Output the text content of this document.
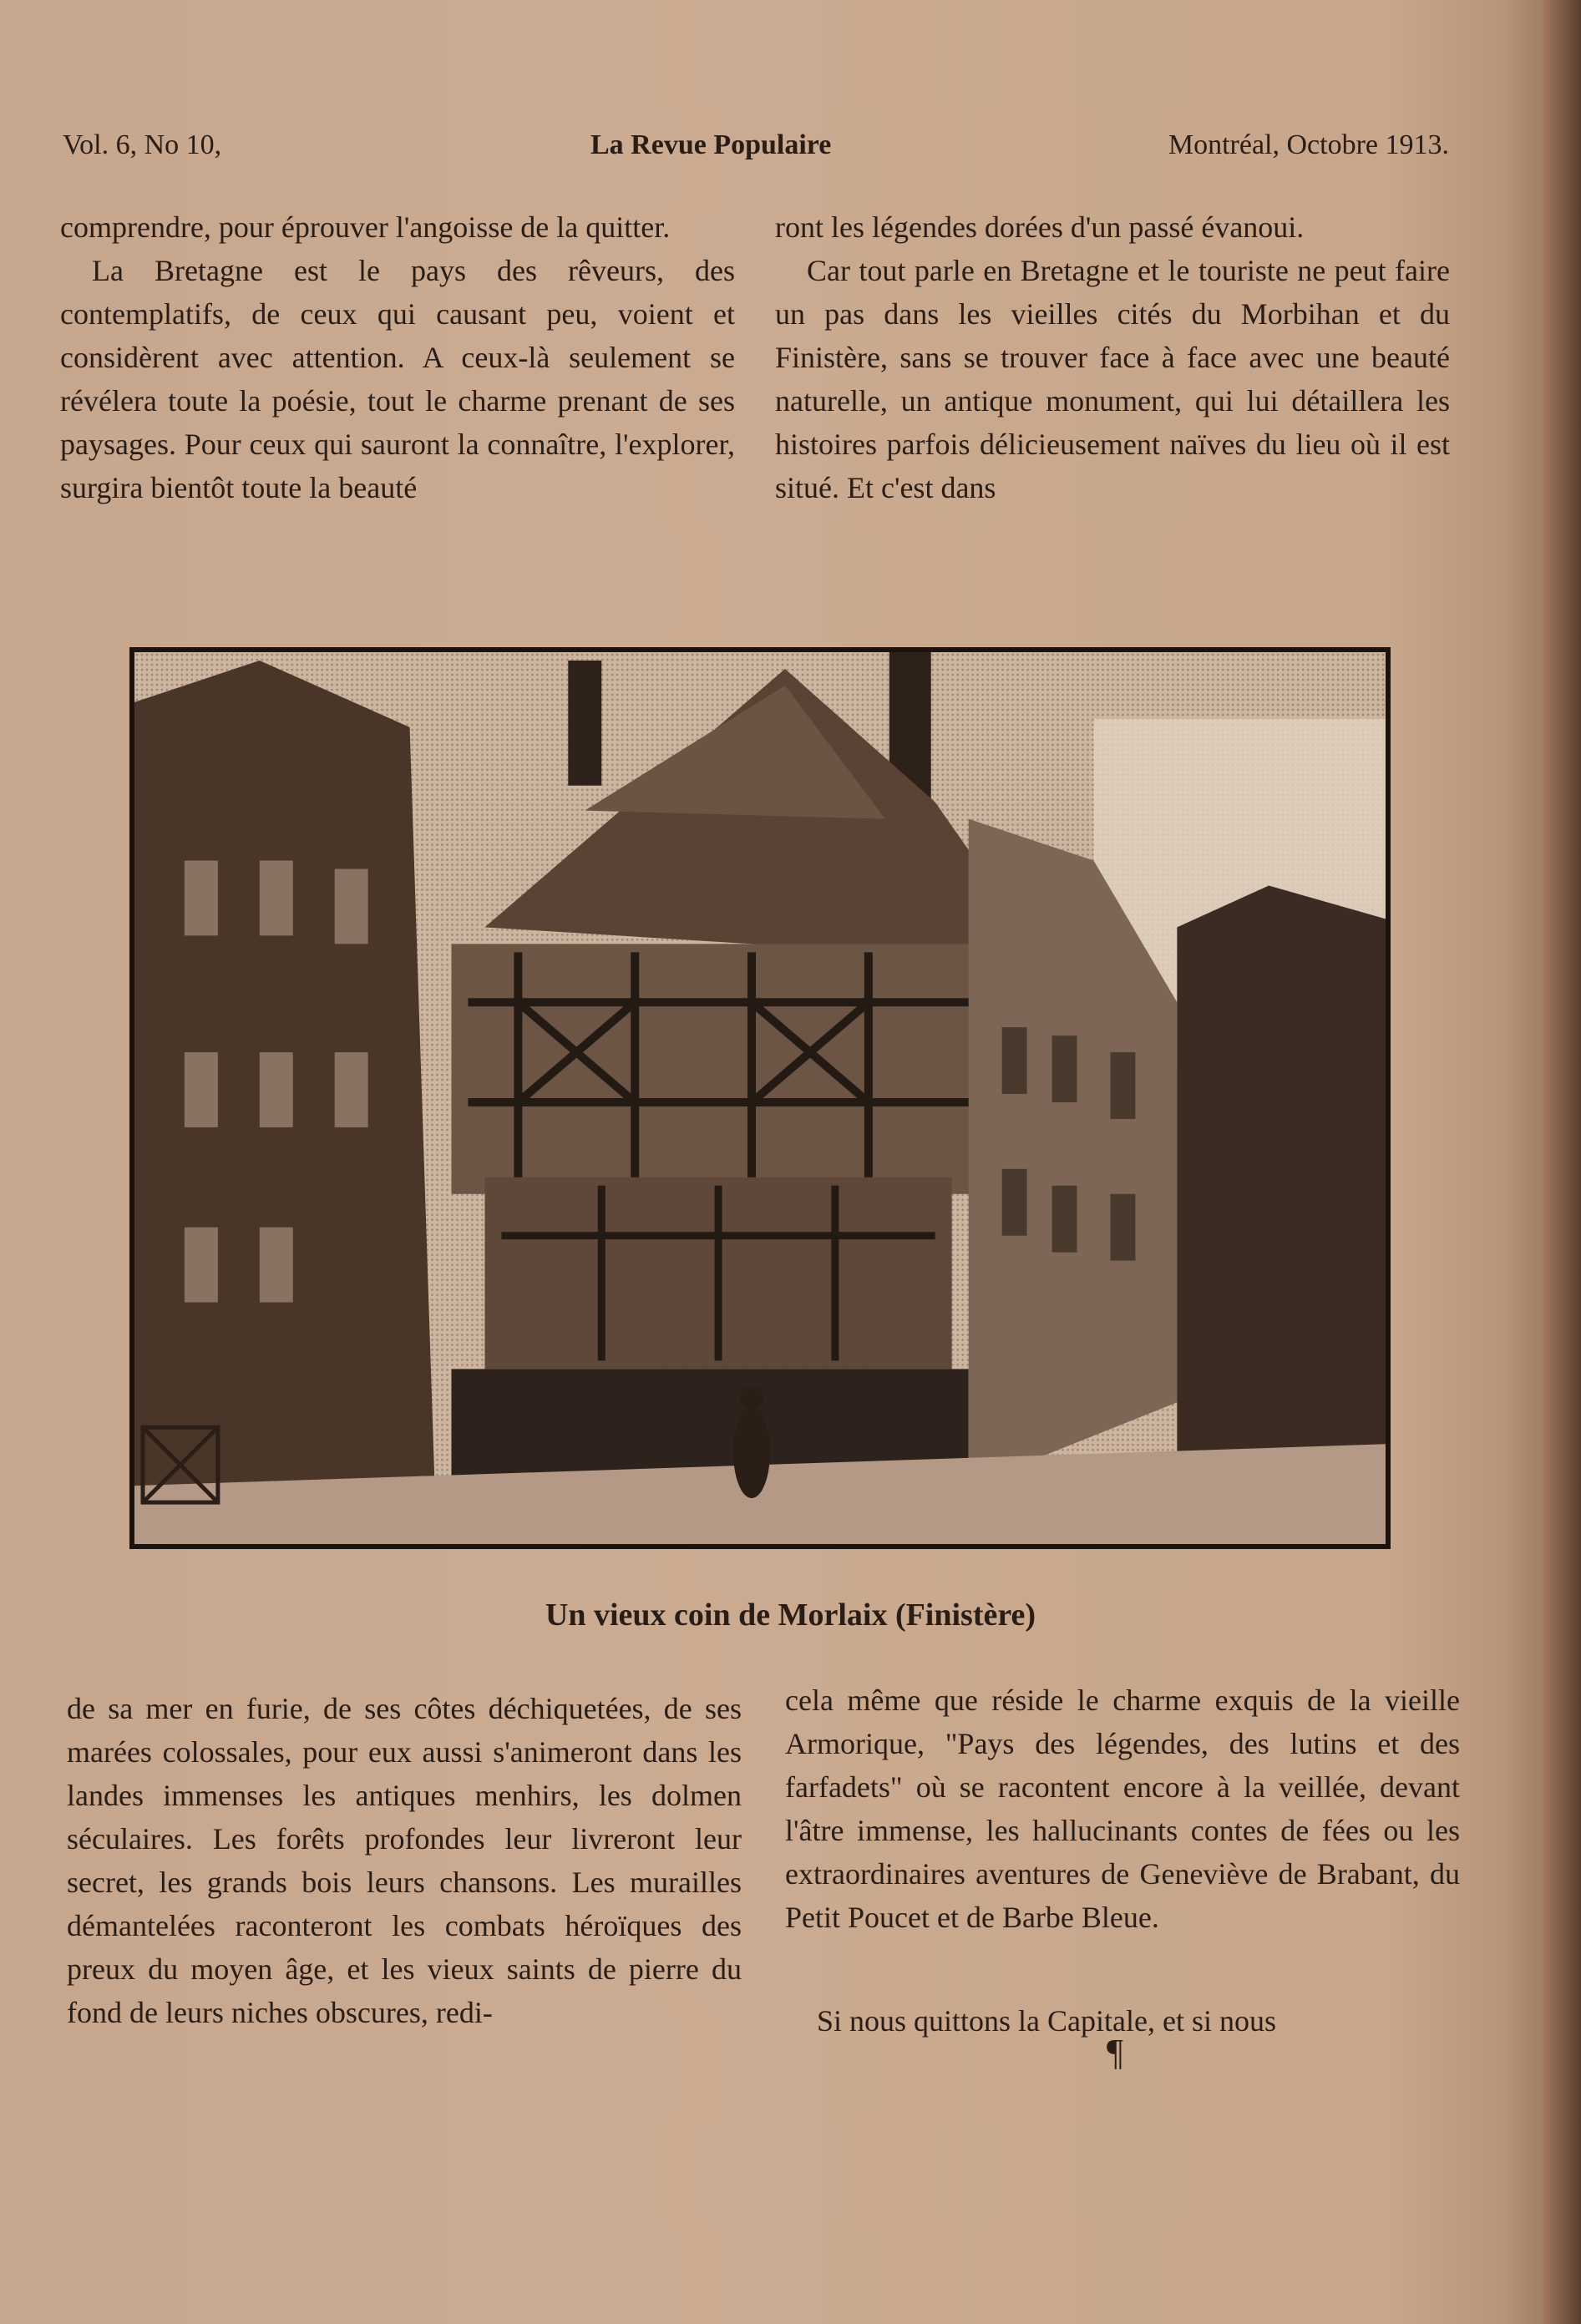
Vol. 6, No 10,	La Revue Populaire	Montréal, Octobre 1913.

comprendre, pour éprouver l'angoisse de la quitter.

La Bretagne est le pays des rêveurs, des contemplatifs, de ceux qui causant peu, voient et considèrent avec attention. A ceux-là seulement se révélera toute la poésie, tout le charme prenant de ses paysages. Pour ceux qui sauront la connaître, l'explorer, surgira bientôt toute la beauté

ront les légendes dorées d'un passé évanoui.

Car tout parle en Bretagne et le touriste ne peut faire un pas dans les vieilles cités du Morbihan et du Finistère, sans se trouver face à face avec une beauté naturelle, un antique monument, qui lui détaillera les histoires parfois délicieusement naïves du lieu où il est situé. Et c'est dans

Un vieux coin de Morlaix (Finistère)

de sa mer en furie, de ses côtes déchiquetées, de ses marées colossales, pour eux aussi s'animeront dans les landes immenses les antiques menhirs, les dolmen séculaires. Les forêts profondes leur livreront leur secret, les grands bois leurs chansons. Les murailles démantelées raconteront les combats héroïques des preux du moyen âge, et les vieux saints de pierre du fond de leurs niches obscures, redi-

cela même que réside le charme exquis de la vieille Armorique, "Pays des légendes, des lutins et des farfadets" où se racontent encore à la veillée, devant l'âtre immense, les hallucinants contes de fées ou les extraordinaires aventures de Geneviève de Brabant, du Petit Poucet et de Barbe Bleue.

Si nous quittons la Capitale, et si nous

¶
